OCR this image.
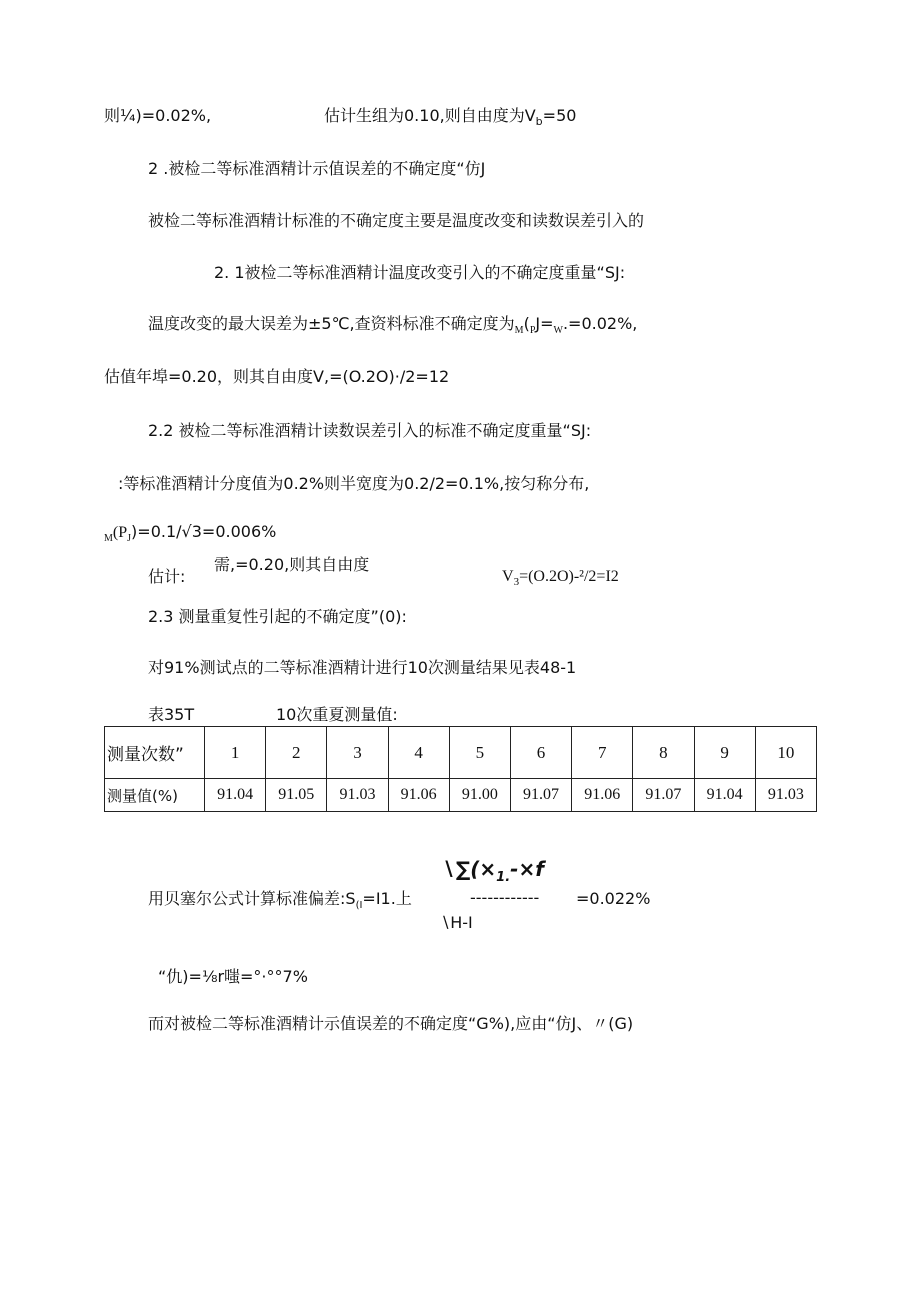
则¼)=0.02%,	估计生组为0.10,则自由度为$V_b=50$
2 .被检二等标准酒精计示值误差的不确定度“仿J
被检二等标准酒精计标准的不确定度主要是温度改变和读数误差引入的
2. 1被检二等标准酒精计温度改变引入的不确定度重量“SJ:
温度改变的最大误差为±5℃,查资料标准不确定度为$_M(_PJ=_W.=0.02\%$,
估值年埠=0.20，则其自由度V,=(O.2O)·/2=12
2.2 被检二等标准酒精计读数误差引入的标准不确定度重量“SJ:
:等标准酒精计分度值为0.2%则半宽度为0.2/2=0.1%,按匀称分布,
$_M(P_J)=0.1∕√3=0.006\%$
估计:
需,=0.20,则其自由度
$V_3=(O.2O)-^2/2=I2$
2.3 测量重复性引起的不确定度”(0):
对91%测试点的二等标准酒精计进行10次测量结果见表48-1
表35T	10次重夏测量值:
测量次数”	1	2	3	4	5	6	7	8	9	10
测量值(%)	91.04	91.05	91.03	91.06	91.00	91.07	91.06	91.07	91.04	91.03
$∖\sum(\times_{1.}-\times f$
用贝塞尔公式计算标准偏差$:S_{(I}=I1$.上	------------ =0.022%
∖H-I
“仇)=⅛r嗤=°·°°7%
而对被检二等标准酒精计示值误差的不确定度“G%),应由“仿J、〃(G)
